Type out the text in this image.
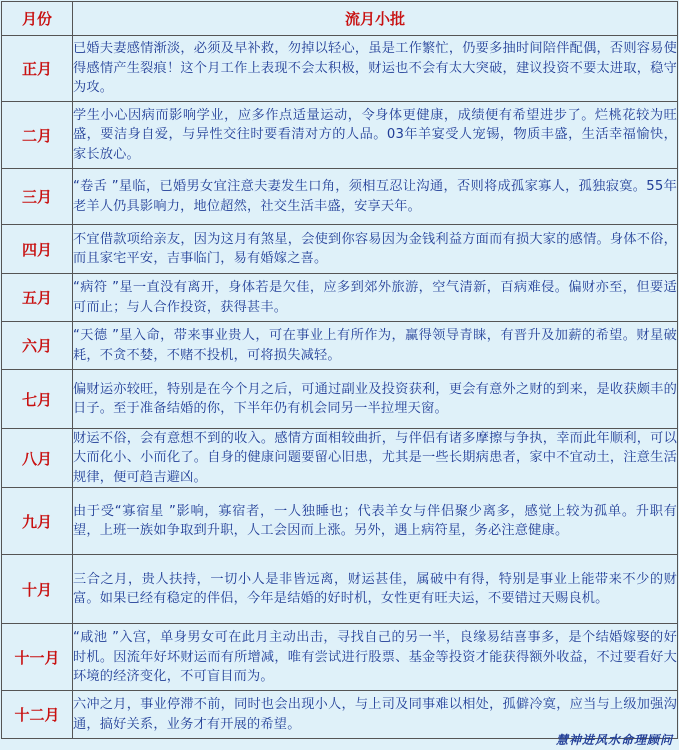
月份	流月小批
正月	已婚夫妻感情渐淡，必须及早补救，勿掉以轻心，虽是工作繁忙，仍要多抽时间陪伴配偶，否则容易使得感情产生裂痕！这个月工作上表现不会太积极，财运也不会有太大突破，建议投资不要太进取，稳守为攻。
二月	学生小心因病而影响学业，应多作点适量运动，令身体更健康，成绩便有希望进步了。烂桃花较为旺盛，要洁身自爱，与异性交往时要看清对方的人品。03年羊宴受人宠锡，物质丰盛，生活幸福愉快，家长放心。
三月	“卷舌 ”星临，已婚男女宜注意夫妻发生口角，须相互忍让沟通，否则将成孤家寡人，孤独寂寞。55年老羊人仍具影响力，地位超然，社交生活丰盛，安享天年。
四月	不宜借款项给亲友，因为这月有煞星，会使到你容易因为金钱利益方面而有损大家的感情。身体不俗，而且家宅平安，吉事临门，易有婚嫁之喜。
五月	“病符 ”星一直没有离开，身体若是欠佳，应多到郊外旅游，空气清新，百病难侵。偏财亦至，但要适可而止；与人合作投资，获得甚丰。
六月	“天德 ”星入命，带来事业贵人，可在事业上有所作为，赢得领导青睐，有晋升及加薪的希望。财星破耗，不贪不婪，不赌不投机，可将损失减轻。
七月	偏财运亦较旺，特别是在今个月之后，可通过副业及投资获利，更会有意外之财的到来，是收获颇丰的日子。至于准备结婚的你，下半年仍有机会同另一半拉埋天窗。
八月	财运不俗，会有意想不到的收入。感情方面相较曲折，与伴侣有诸多摩擦与争执，幸而此年顺利，可以大而化小、小而化了。自身的健康问题要留心旧患，尤其是一些长期病患者，家中不宜动土，注意生活规律，便可趋吉避凶。
九月	由于受“寡宿星 ”影响，寡宿者，一人独睡也；代表羊女与伴侣聚少离多，感觉上较为孤单。升职有望，上班一族如争取到升职，人工会因而上涨。另外，遇上病符星，务必注意健康。
十月	三合之月，贵人扶持，一切小人是非皆远离，财运甚佳，属破中有得，特别是事业上能带来不少的财富。如果已经有稳定的伴侣，今年是结婚的好时机，女性更有旺夫运，不要错过天赐良机。
十一月	“咸池 ”入宫，单身男女可在此月主动出击，寻找自己的另一半，良缘易结喜事多，是个结婚嫁娶的好时机。因流年好坏财运而有所增减，唯有尝试进行股票、基金等投资才能获得额外收益，不过要看好大环境的经济变化，不可盲目而为。
十二月	六冲之月，事业停滞不前，同时也会出现小人，与上司及同事难以相处，孤僻冷寞，应当与上级加强沟通，搞好关系，业务才有开展的希望。
慧神进风水命理顾问
